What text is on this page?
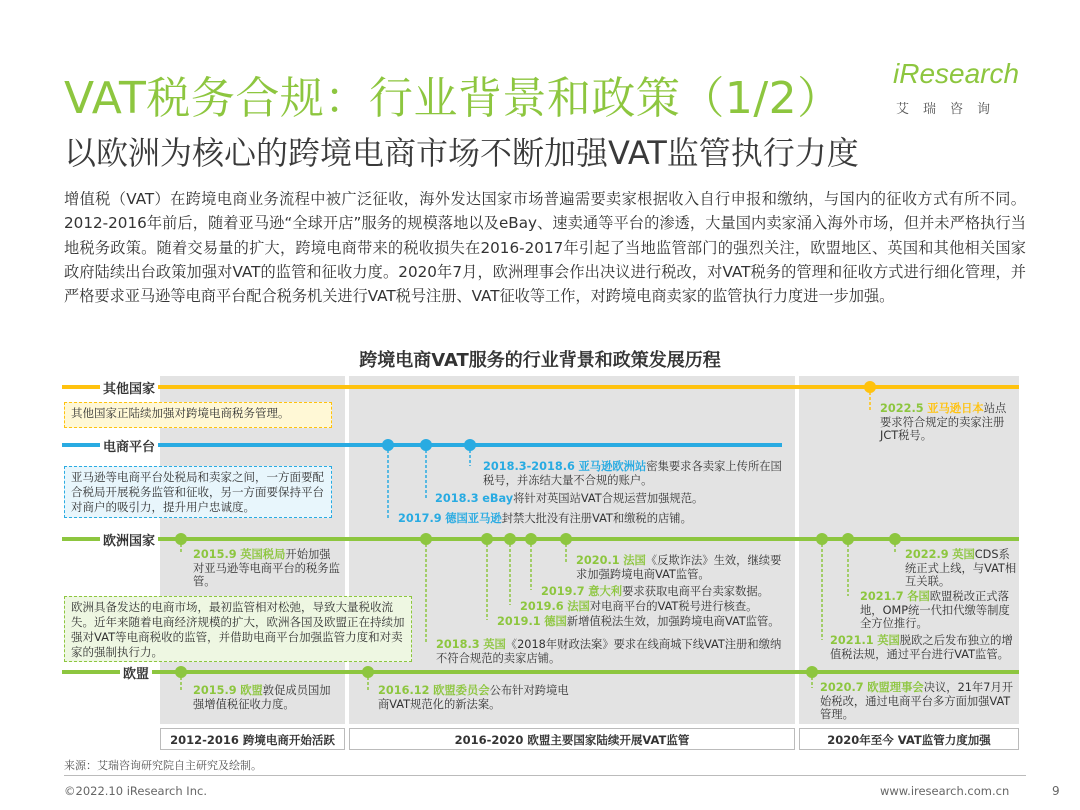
VAT税务合规：行业背景和政策（1/2）
以欧洲为核心的跨境电商市场不断加强VAT监管执行力度
iResearch
艾瑞咨询
增值税（VAT）在跨境电商业务流程中被广泛征收，海外发达国家市场普遍需要卖家根据收入自行申报和缴纳，与国内的征收方式有所不同。2012-2016年前后，随着亚马逊“全球开店”服务的规模落地以及eBay、速卖通等平台的渗透，大量国内卖家涌入海外市场，但并未严格执行当地税务政策。随着交易量的扩大，跨境电商带来的税收损失在2016-2017年引起了当地监管部门的强烈关注，欧盟地区、英国和其他相关国家政府陆续出台政策加强对VAT的监管和征收力度。2020年7月，欧洲理事会作出决议进行税改，对VAT税务的管理和征收方式进行细化管理，并严格要求亚马逊等电商平台配合税务机关进行VAT税号注册、VAT征收等工作，对跨境电商卖家的监管执行力度进一步加强。
跨境电商VAT服务的行业背景和政策发展历程
其他国家
电商平台
欧洲国家
欧盟
其他国家正陆续加强对跨境电商税务管理。
亚马逊等电商平台处税局和卖家之间，一方面要配合税局开展税务监管和征收，另一方面要保持平台对商户的吸引力，提升用户忠诚度。
欧洲具备发达的电商市场，最初监管相对松弛，导致大量税收流失。近年来随着电商经济规模的扩大，欧洲各国及欧盟正在持续加强对VAT等电商税收的监管，并借助电商平台加强监管力度和对卖家的强制执行力。
2022.5 亚马逊日本站点要求符合规定的卖家注册JCT税号。
2018.3-2018.6 亚马逊欧洲站密集要求各卖家上传所在国税号，并冻结大量不合规的账户。
2018.3 eBay将针对英国站VAT合规运营加强规范。
2017.9 德国亚马逊封禁大批没有注册VAT和缴税的店铺。
2015.9 英国税局开始加强对亚马逊等电商平台的税务监管。
2020.1 法国《反欺诈法》生效，继续要求加强跨境电商VAT监管。
2019.7 意大利要求获取电商平台卖家数据。
2019.6 法国对电商平台的VAT税号进行核查。
2019.1 德国新增值税法生效，加强跨境电商VAT监管。
2018.3 英国《2018年财政法案》要求在线商城下线VAT注册和缴纳不符合规范的卖家店铺。
2022.9 英国CDS系统正式上线，与VAT相互关联。
2021.7 各国欧盟税改正式落地，OMP统一代扣代缴等制度全方位推行。
2021.1 英国脱欧之后发布独立的增值税法规，通过平台进行VAT监管。
2015.9 欧盟敦促成员国加强增值税征收力度。
2016.12 欧盟委员会公布针对跨境电商VAT规范化的新法案。
2020.7 欧盟理事会决议，21年7月开始税改，通过电商平台多方面加强VAT管理。
2012-2016 跨境电商开始活跃	2016-2020 欧盟主要国家陆续开展VAT监管	2020年至今 VAT监管力度加强
来源：艾瑞咨询研究院自主研究及绘制。
©2022.10 iResearch Inc.	www.iresearch.com.cn	9
